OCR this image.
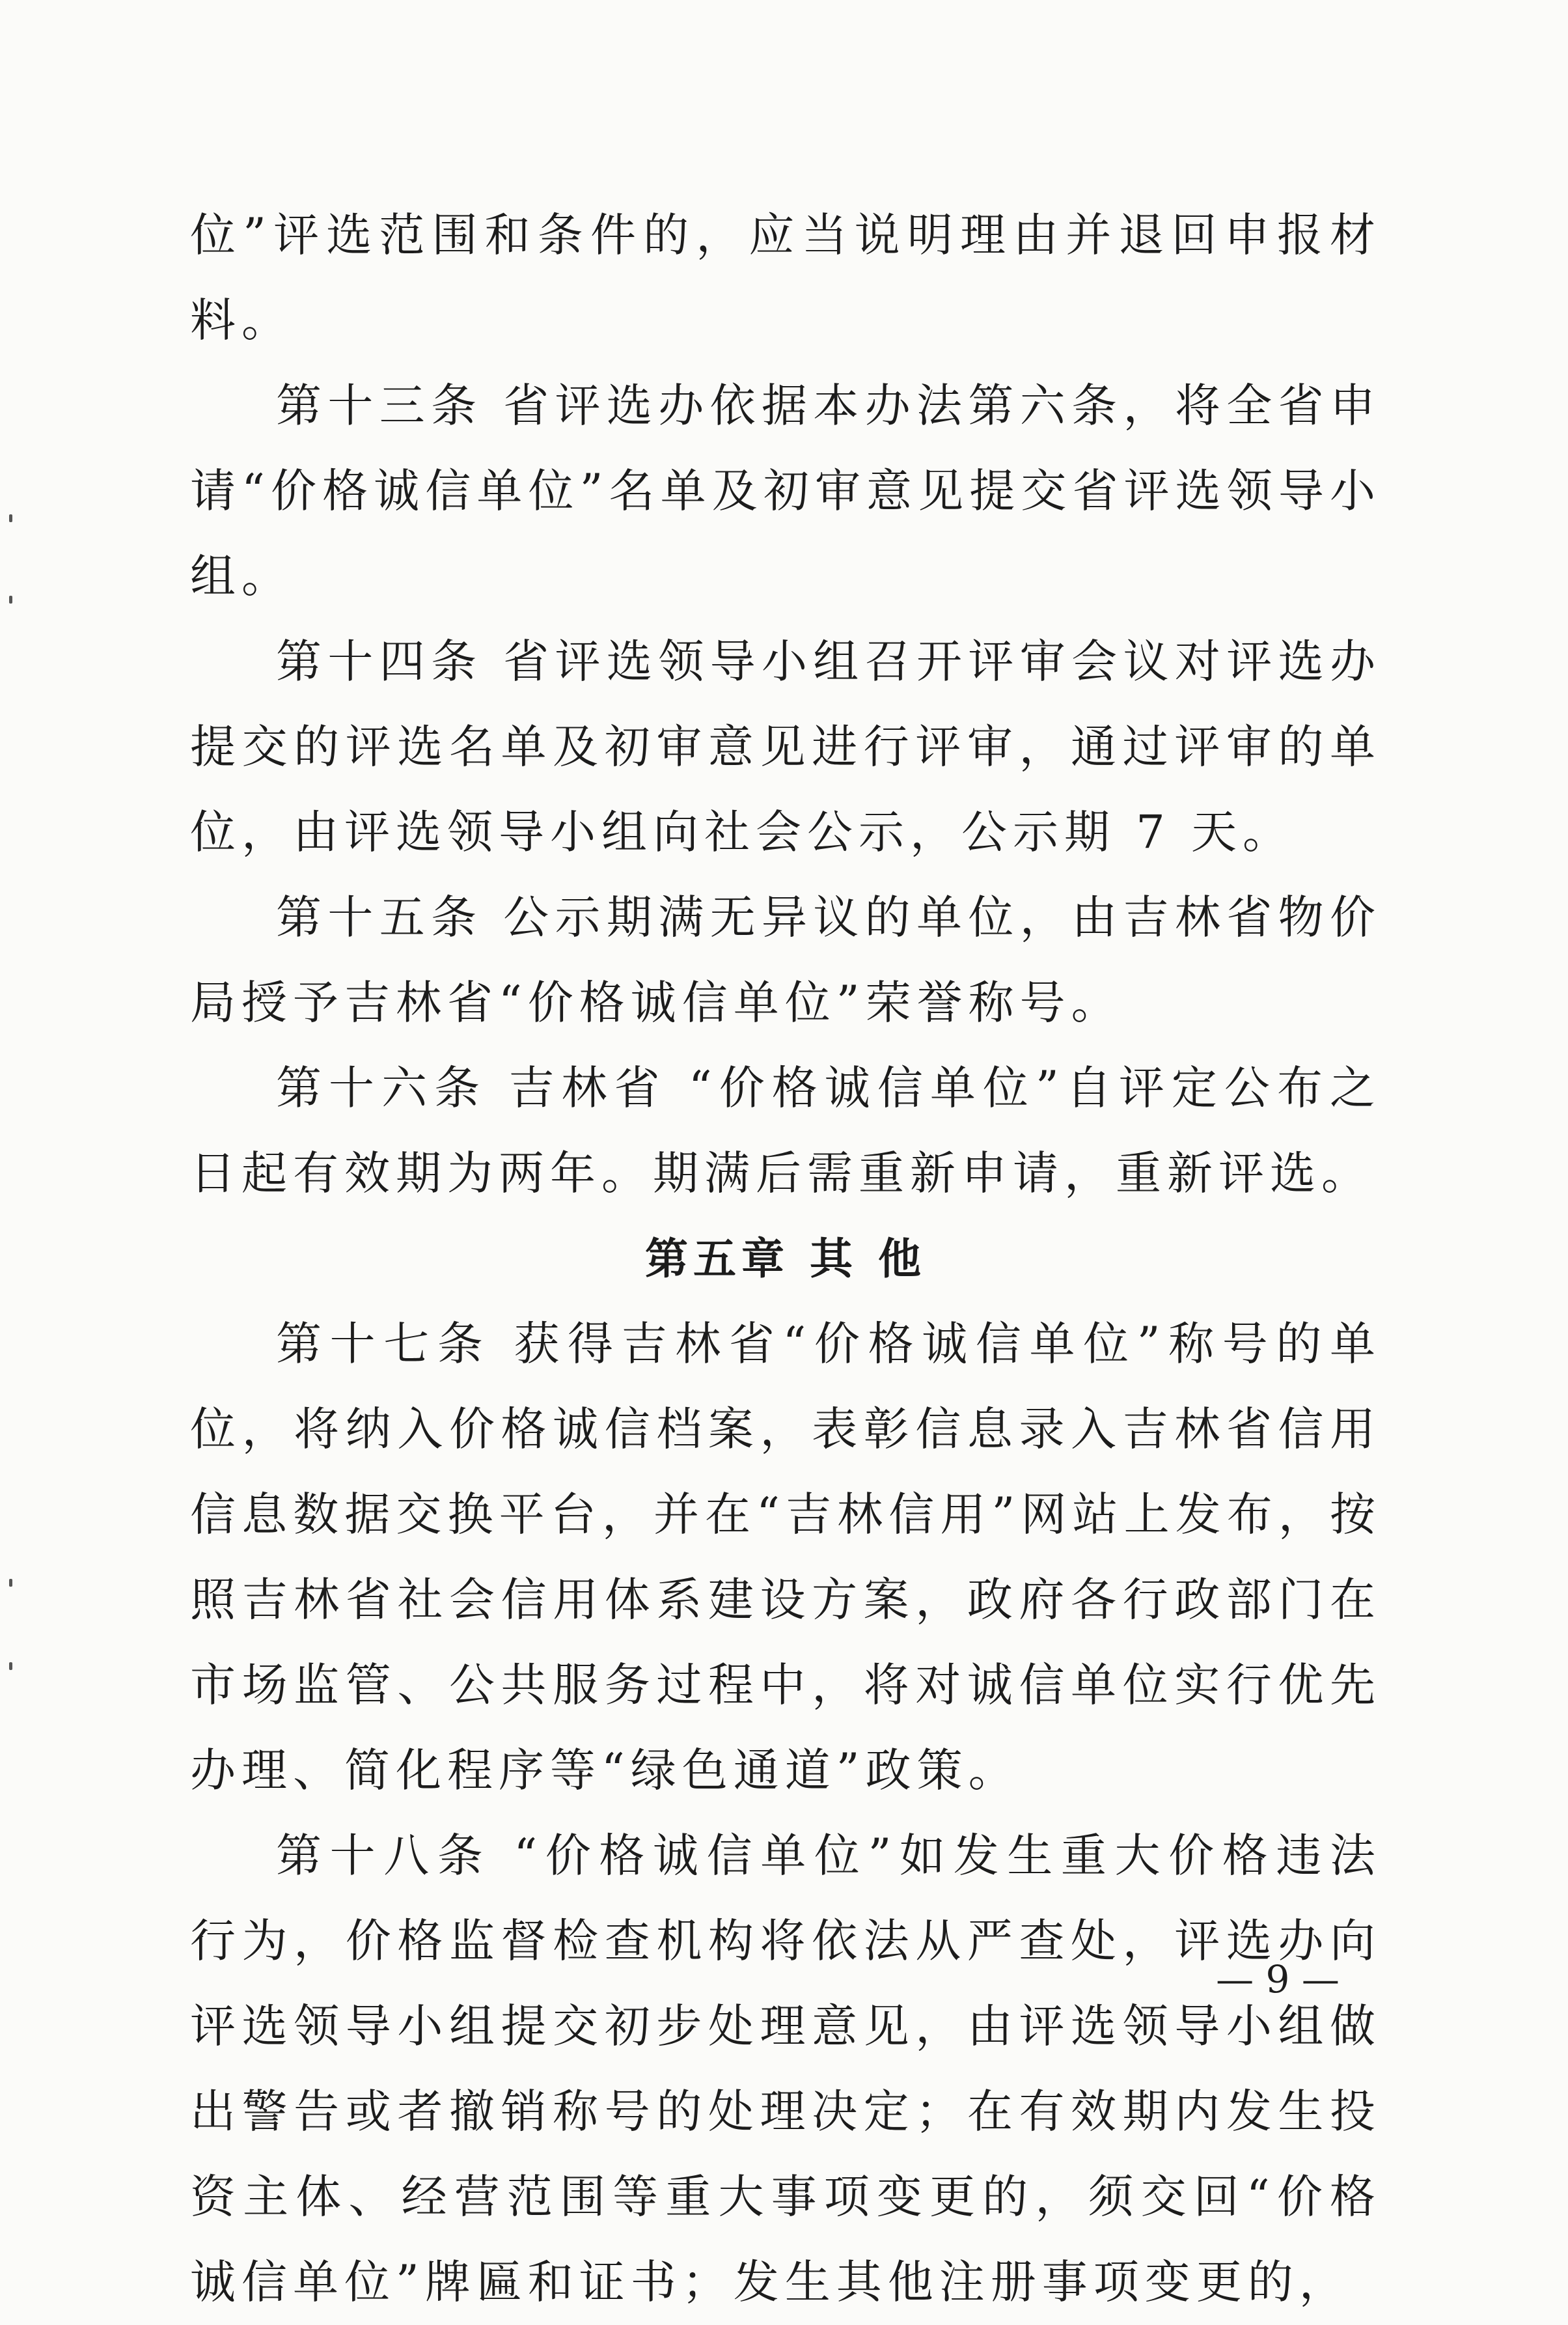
位”评选范围和条件的，应当说明理由并退回申报材料。

第十三条 省评选办依据本办法第六条，将全省申请“价格诚信单位”名单及初审意见提交省评选领导小组。

第十四条 省评选领导小组召开评审会议对评选办提交的评选名单及初审意见进行评审，通过评审的单位，由评选领导小组向社会公示，公示期 7 天。

第十五条 公示期满无异议的单位，由吉林省物价局授予吉林省“价格诚信单位”荣誉称号。

第十六条 吉林省 “价格诚信单位”自评定公布之日起有效期为两年。期满后需重新申请，重新评选。

第五章 其 他

第十七条 获得吉林省“价格诚信单位”称号的单位，将纳入价格诚信档案，表彰信息录入吉林省信用信息数据交换平台，并在“吉林信用”网站上发布，按照吉林省社会信用体系建设方案，政府各行政部门在市场监管、公共服务过程中，将对诚信单位实行优先办理、简化程序等“绿色通道”政策。

第十八条 “价格诚信单位”如发生重大价格违法行为，价格监督检查机构将依法从严查处，评选办向评选领导小组提交初步处理意见，由评选领导小组做出警告或者撤销称号的处理决定；在有效期内发生投资主体、经营范围等重大事项变更的，须交回“价格诚信单位”牌匾和证书；发生其他注册事项变更的，

— 9 —
